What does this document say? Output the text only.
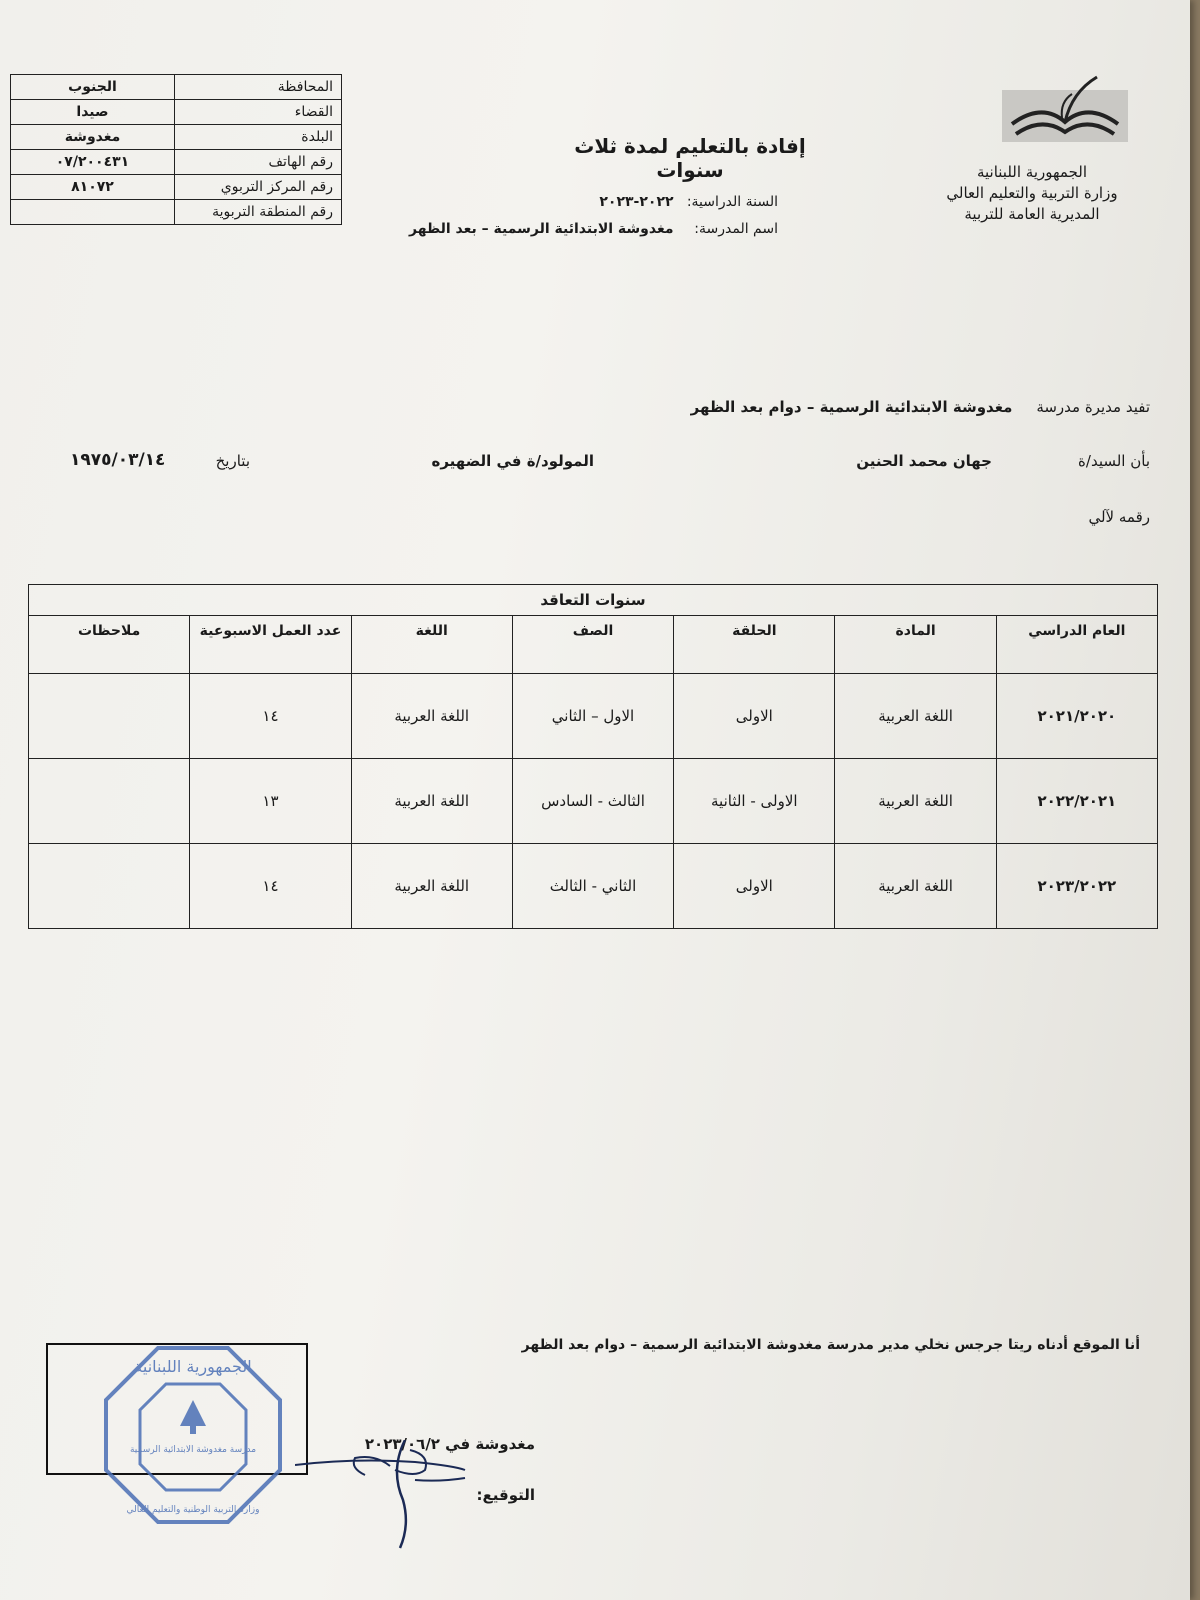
المحافظة	الجنوب
القضاء	صيدا
البلدة	مغدوشة
رقم الهاتف	٠٧/٢٠٠٤٣١
رقم المركز التربوي	٨١٠٧٢
رقم المنطقة التربوية	
الجمهورية اللبنانية
وزارة التربية والتعليم العالي
المديرية العامة للتربية
إفادة بالتعليم لمدة ثلاث سنوات
السنة الدراسية: ٢٠٢٢-٢٠٢٣
اسم المدرسة: مغدوشة الابتدائية الرسمية – بعد الظهر
تفيد مديرة مدرسة     مغدوشة الابتدائية الرسمية – دوام بعد الظهر
بأن السيد/ة
جهان محمد الحنين
المولود/ة في الضهيره
بتاريخ
١٩٧٥/٠٣/١٤
رقمه لآلي
سنوات التعاقد						
العام الدراسي	المادة	الحلقة	الصف	اللغة	عدد العمل الاسبوعية	ملاحظات
٢٠٢١/٢٠٢٠	اللغة العربية	الاولى	الاول – الثاني	اللغة العربية	١٤	
٢٠٢٢/٢٠٢١	اللغة العربية	الاولى - الثانية	الثالث - السادس	اللغة العربية	١٣	
٢٠٢٣/٢٠٢٢	اللغة العربية	الاولى	الثاني - الثالث	اللغة العربية	١٤	
أنا الموقع أدناه ريتا جرجس نخلي مدير مدرسة مغدوشة الابتدائية الرسمية – دوام بعد الظهر
مغدوشة في ٢٠٢٣/٠٦/٢
التوقيع:
الجمهورية اللبنانية
مدرسة مغدوشة الابتدائية الرسمية
وزارة التربية الوطنية والتعليم العالي
